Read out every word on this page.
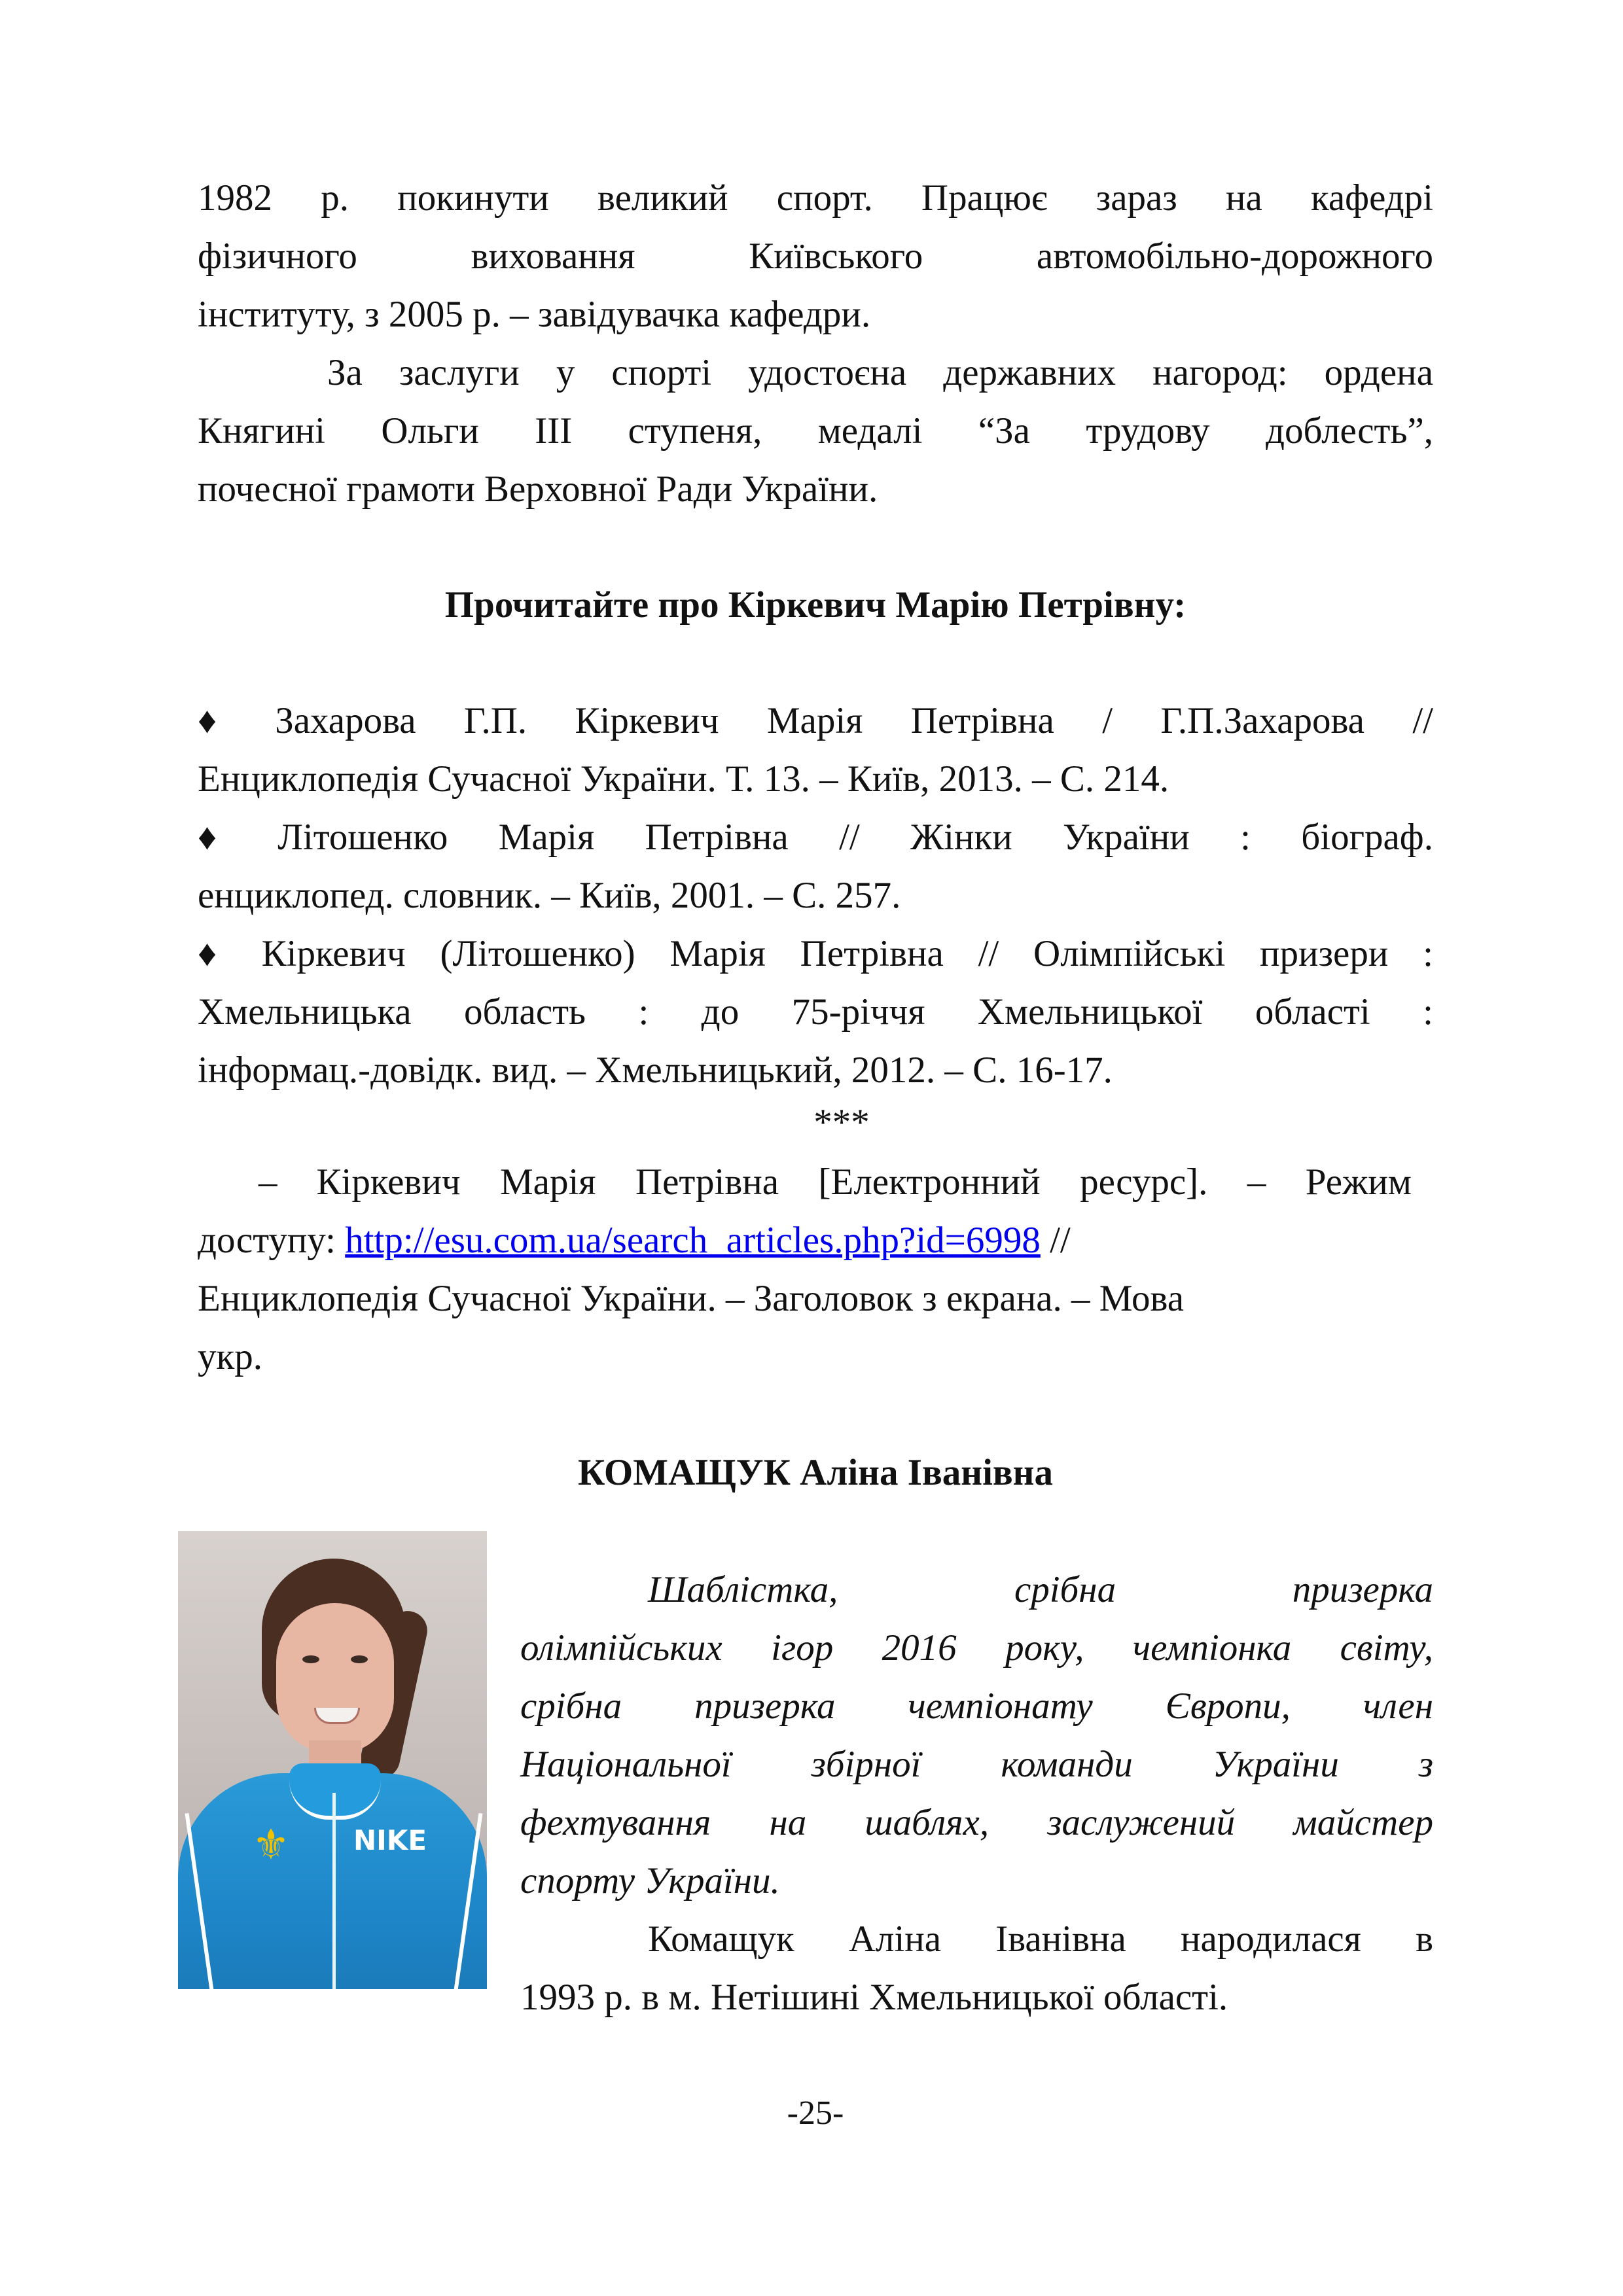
1982 р. покинути великий спорт. Працює зараз на кафедрі

фізичного виховання Київського автомобільно-дорожного

інституту, з 2005 р. – завідувачка кафедри.

За заслуги у спорті удостоєна державних нагород: ордена

Княгині Ольги ІІІ ступеня, медалі “За трудову доблесть”,

почесної грамоти Верховної Ради України.

Прочитайте про Кіркевич Марію Петрівну:

♦ Захарова Г.П. Кіркевич Марія Петрівна / Г.П.Захарова //

Енциклопедія Сучасної України. Т. 13. – Київ, 2013. – С. 214.

♦ Літошенко Марія Петрівна // Жінки України : біограф.

енциклопед. словник. – Київ, 2001. – С. 257.

♦ Кіркевич (Літошенко) Марія Петрівна // Олімпійські призери :

Хмельницька область : до 75-річчя Хмельницької області :

інформац.-довідк. вид. – Хмельницький, 2012. – С. 16-17.

***

– Кіркевич Марія Петрівна [Електронний ресурс]. – Режим

доступу: http://esu.com.ua/search_articles.php?id=6998 //

Енциклопедія Сучасної України. – Заголовок з екрана. – Мова

укр.

КОМАЩУК Аліна Іванівна

⚜ NIKE

Шаблістка, срібна призерка

олімпійських ігор 2016 року, чемпіонка світу,

срібна призерка чемпіонату Європи, член

Національної збірної команди України з

фехтування на шаблях, заслужений майстер

спорту України.

Комащук Аліна Іванівна народилася в

1993 р. в м. Нетішині Хмельницької області.

-25-
